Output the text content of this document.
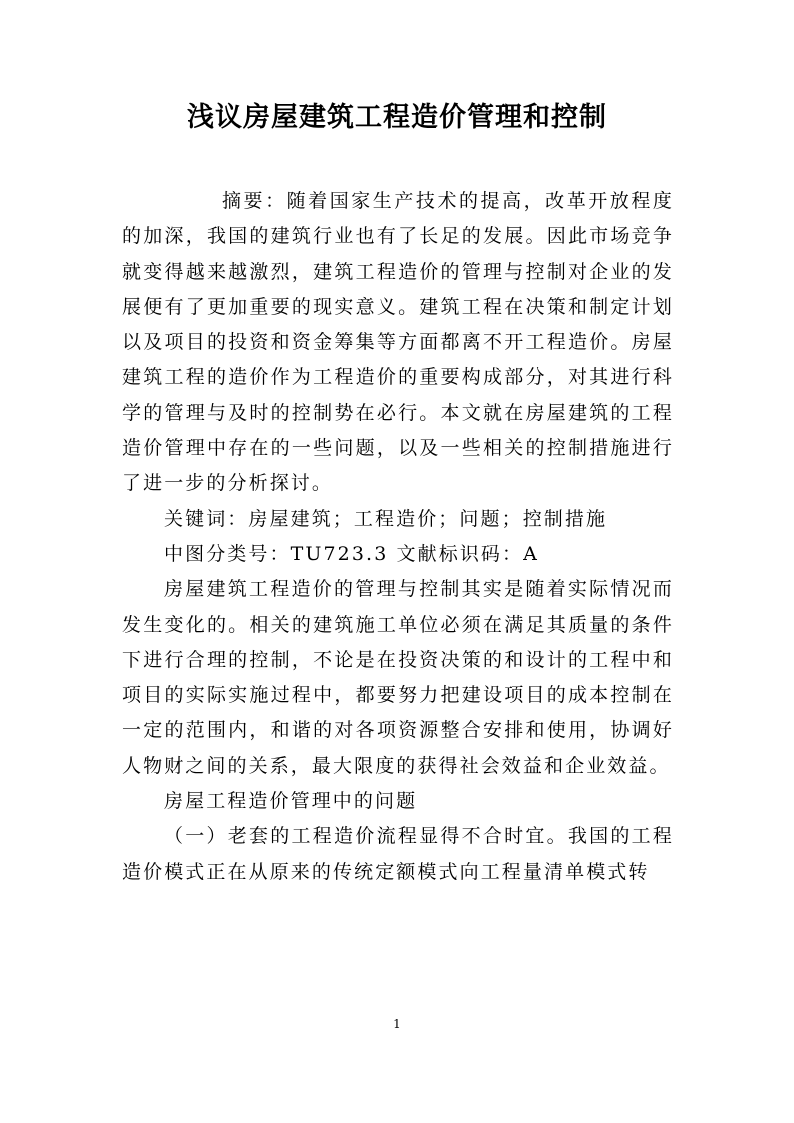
浅议房屋建筑工程造价管理和控制

摘要：随着国家生产技术的提高，改革开放程度的加深，我国的建筑行业也有了长足的发展。因此市场竞争就变得越来越激烈，建筑工程造价的管理与控制对企业的发展便有了更加重要的现实意义。建筑工程在决策和制定计划以及项目的投资和资金筹集等方面都离不开工程造价。房屋建筑工程的造价作为工程造价的重要构成部分，对其进行科学的管理与及时的控制势在必行。本文就在房屋建筑的工程造价管理中存在的一些问题，以及一些相关的控制措施进行了进一步的分析探讨。

关键词：房屋建筑；工程造价；问题；控制措施

中图分类号：TU723.3 文献标识码：A

房屋建筑工程造价的管理与控制其实是随着实际情况而发生变化的。相关的建筑施工单位必须在满足其质量的条件下进行合理的控制，不论是在投资决策的和设计的工程中和项目的实际实施过程中，都要努力把建设项目的成本控制在一定的范围内，和谐的对各项资源整合安排和使用，协调好人物财之间的关系，最大限度的获得社会效益和企业效益。

房屋工程造价管理中的问题

（一）老套的工程造价流程显得不合时宜。我国的工程造价模式正在从原来的传统定额模式向工程量清单模式转

1
